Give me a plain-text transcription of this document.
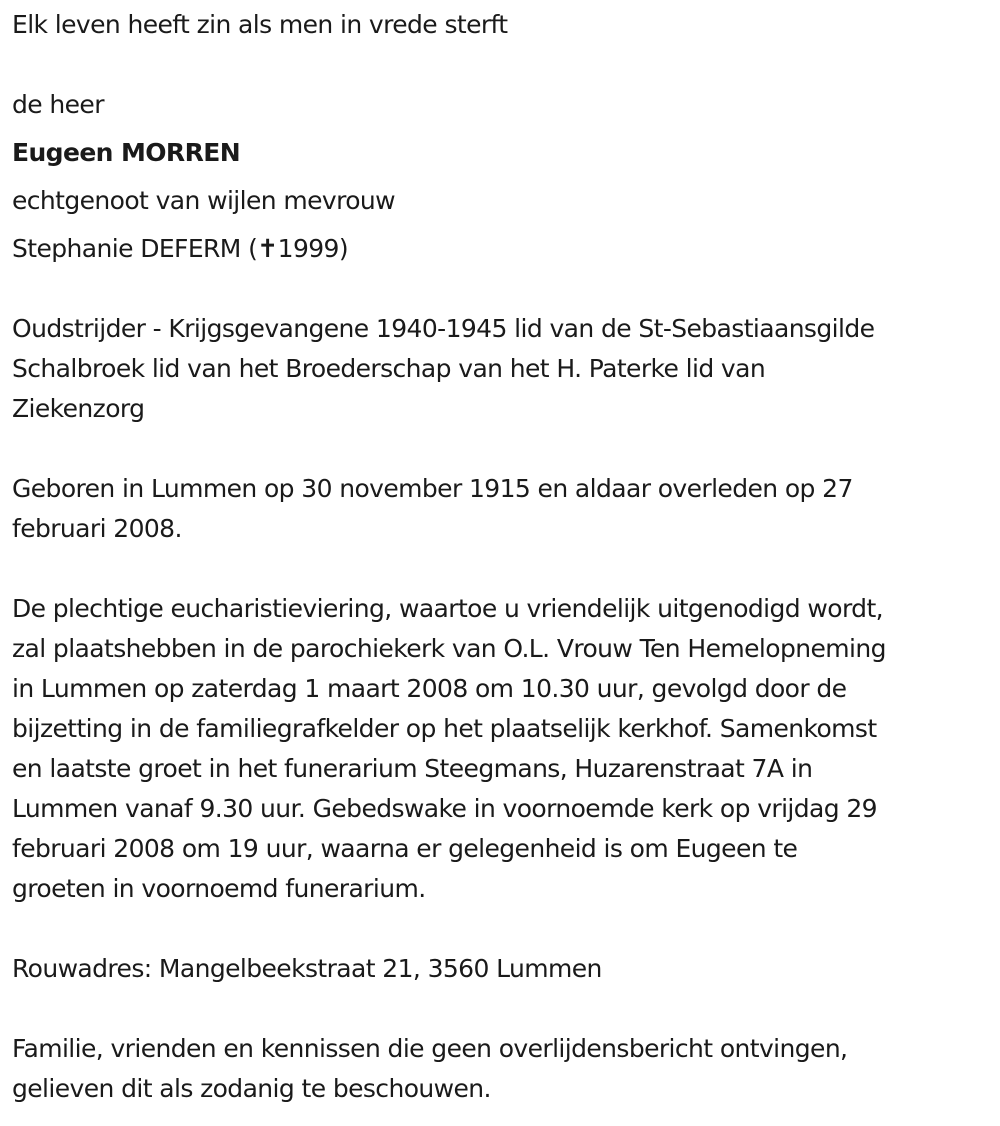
Elk leven heeft zin als men in vrede sterft

de heer

Eugeen MORREN

echtgenoot van wijlen mevrouw

Stephanie DEFERM (✝1999)

Oudstrijder - Krijgsgevangene 1940-1945 lid van de St-Sebastiaansgilde
Schalbroek lid van het Broederschap van het H. Paterke lid van
Ziekenzorg
Geboren in Lummen op 30 november 1915 en aldaar overleden op 27
februari 2008.
De plechtige eucharistieviering, waartoe u vriendelijk uitgenodigd wordt,
zal plaatshebben in de parochiekerk van O.L. Vrouw Ten Hemelopneming
in Lummen op zaterdag 1 maart 2008 om 10.30 uur, gevolgd door de
bijzetting in de familiegrafkelder op het plaatselijk kerkhof. Samenkomst
en laatste groet in het funerarium Steegmans, Huzarenstraat 7A in
Lummen vanaf 9.30 uur. Gebedswake in voornoemde kerk op vrijdag 29
februari 2008 om 19 uur, waarna er gelegenheid is om Eugeen te
groeten in voornoemd funerarium.

Rouwadres: Mangelbeekstraat 21, 3560 Lummen

Familie, vrienden en kennissen die geen overlijdensbericht ontvingen,
gelieven dit als zodanig te beschouwen.
